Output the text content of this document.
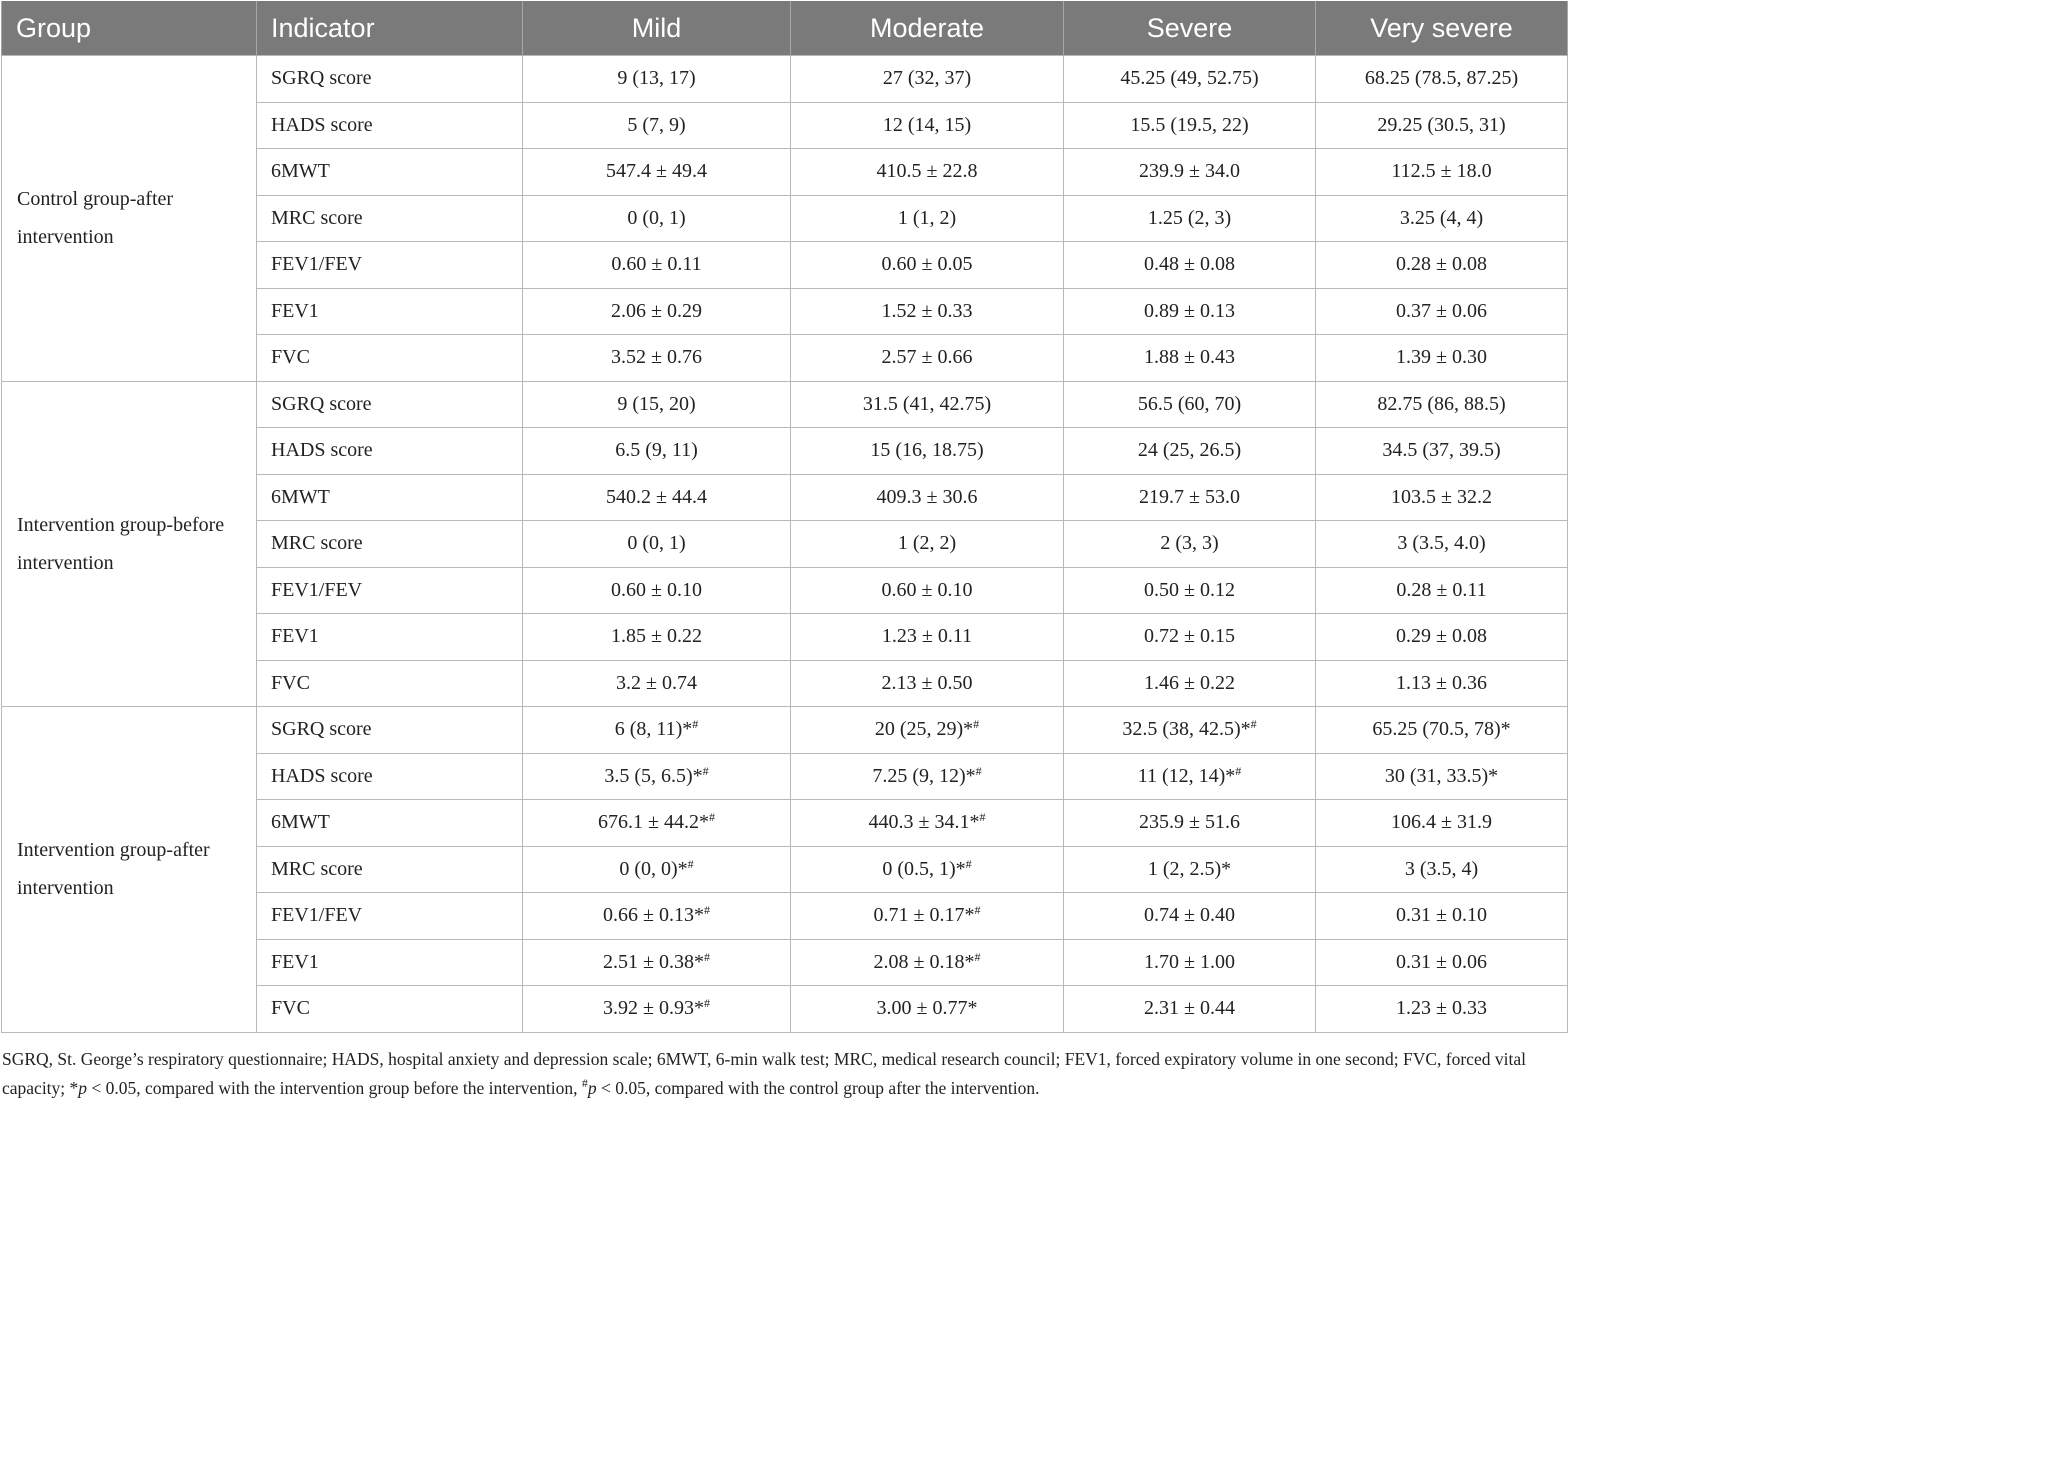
Group	Indicator	Mild	Moderate	Severe	Very severe
Control group-after intervention	SGRQ score	9 (13, 17)	27 (32, 37)	45.25 (49, 52.75)	68.25 (78.5, 87.25)
	HADS score	5 (7, 9)	12 (14, 15)	15.5 (19.5, 22)	29.25 (30.5, 31)
	6MWT	547.4 ± 49.4	410.5 ± 22.8	239.9 ± 34.0	112.5 ± 18.0
	MRC score	0 (0, 1)	1 (1, 2)	1.25 (2, 3)	3.25 (4, 4)
	FEV1/FEV	0.60 ± 0.11	0.60 ± 0.05	0.48 ± 0.08	0.28 ± 0.08
	FEV1	2.06 ± 0.29	1.52 ± 0.33	0.89 ± 0.13	0.37 ± 0.06
	FVC	3.52 ± 0.76	2.57 ± 0.66	1.88 ± 0.43	1.39 ± 0.30
Intervention group-before intervention	SGRQ score	9 (15, 20)	31.5 (41, 42.75)	56.5 (60, 70)	82.75 (86, 88.5)
	HADS score	6.5 (9, 11)	15 (16, 18.75)	24 (25, 26.5)	34.5 (37, 39.5)
	6MWT	540.2 ± 44.4	409.3 ± 30.6	219.7 ± 53.0	103.5 ± 32.2
	MRC score	0 (0, 1)	1 (2, 2)	2 (3, 3)	3 (3.5, 4.0)
	FEV1/FEV	0.60 ± 0.10	0.60 ± 0.10	0.50 ± 0.12	0.28 ± 0.11
	FEV1	1.85 ± 0.22	1.23 ± 0.11	0.72 ± 0.15	0.29 ± 0.08
	FVC	3.2 ± 0.74	2.13 ± 0.50	1.46 ± 0.22	1.13 ± 0.36
Intervention group-after intervention	SGRQ score	6 (8, 11)*#	20 (25, 29)*#	32.5 (38, 42.5)*#	65.25 (70.5, 78)*
	HADS score	3.5 (5, 6.5)*#	7.25 (9, 12)*#	11 (12, 14)*#	30 (31, 33.5)*
	6MWT	676.1 ± 44.2*#	440.3 ± 34.1*#	235.9 ± 51.6	106.4 ± 31.9
	MRC score	0 (0, 0)*#	0 (0.5, 1)*#	1 (2, 2.5)*	3 (3.5, 4)
	FEV1/FEV	0.66 ± 0.13*#	0.71 ± 0.17*#	0.74 ± 0.40	0.31 ± 0.10
	FEV1	2.51 ± 0.38*#	2.08 ± 0.18*#	1.70 ± 1.00	0.31 ± 0.06
	FVC	3.92 ± 0.93*#	3.00 ± 0.77*	2.31 ± 0.44	1.23 ± 0.33
SGRQ, St. George’s respiratory questionnaire; HADS, hospital anxiety and depression scale; 6MWT, 6-min walk test; MRC, medical research council; FEV1, forced expiratory volume in one second; FVC, forced vital capacity; *p < 0.05, compared with the intervention group before the intervention, #p < 0.05, compared with the control group after the intervention.
